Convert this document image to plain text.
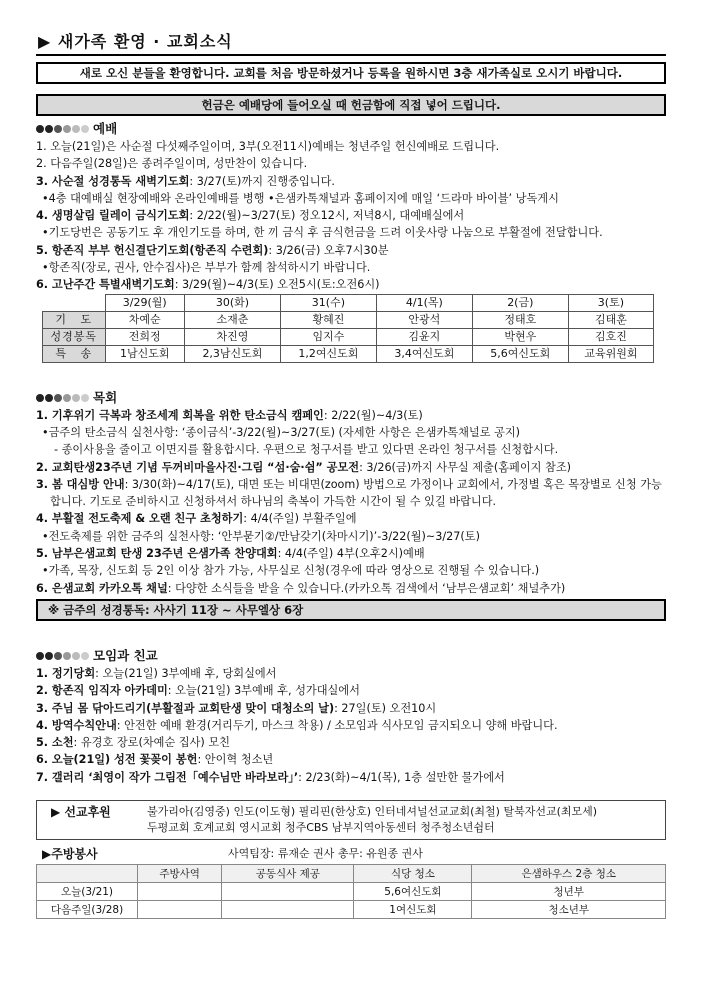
▶ 새가족 환영 · 교회소식
새로 오신 분들을 환영합니다. 교회를 처음 방문하셨거나 등록을 원하시면 3층 새가족실로 오시기 바랍니다.
헌금은 예배당에 들어오실 때 헌금함에 직접 넣어 드립니다.
예배
1. 오늘(21일)은 사순절 다섯째주일이며, 3부(오전11시)예배는 청년주일 헌신예배로 드립니다.
2. 다음주일(28일)은 종려주일이며, 성만찬이 있습니다.
3. 사순절 성경통독 새벽기도회: 3/27(토)까지 진행중입니다.
•4층 대예배실 현장예배와 온라인예배를 병행 •은샘카톡채널과 홈페이지에 매일 ‘드라마 바이블’ 낭독게시
4. 생명살림 릴레이 금식기도회: 2/22(월)~3/27(토) 정오12시, 저녁8시, 대예배실에서
•기도당번은 공동기도 후 개인기도를 하며, 한 끼 금식 후 금식헌금을 드려 이웃사랑 나눔으로 부활절에 전달합니다.
5. 항존직 부부 헌신결단기도회(항존직 수련회): 3/26(금) 오후7시30분
•항존직(장로, 권사, 안수집사)은 부부가 함께 참석하시기 바랍니다.
6. 고난주간 특별새벽기도회: 3/29(월)~4/3(토) 오전5시(토:오전6시)
	3/29(월)	30(화)	31(수)	4/1(목)	2(금)	3(토)
기   도	차예순	소재춘	황혜진	안광석	정태호	김태훈
성경봉독	전희정	차진영	임지수	김윤지	박현우	김호진
특   송	1남신도회	2,3남신도회	1,2여신도회	3,4여신도회	5,6여신도회	교육위원회
목회
1. 기후위기 극복과 창조세계 회복을 위한 탄소금식 캠페인: 2/22(월)~4/3(토)
•금주의 탄소금식 실천사항: ‘종이금식’-3/22(월)~3/27(토) (자세한 사항은 은샘카톡채널로 공지)
- 종이사용을 줄이고 이면지를 활용합시다. 우편으로 청구서를 받고 있다면 온라인 청구서를 신청합시다.
2. 교회탄생23주년 기념 두꺼비마을사진·그림 “섬·숨·쉼” 공모전: 3/26(금)까지 사무실 제출(홈페이지 참조)
3. 봄 대심방 안내: 3/30(화)~4/17(토), 대면 또는 비대면(zoom) 방법으로 가정이나 교회에서, 가정별 혹은 목장별로 신청 가능합니다. 기도로 준비하시고 신청하셔서 하나님의 축복이 가득한 시간이 될 수 있길 바랍니다.
4. 부활절 전도축제 & 오랜 친구 초청하기: 4/4(주일) 부활주일에
•전도축제를 위한 금주의 실천사항: ‘안부묻기②/만남갖기(차마시기)’-3/22(월)~3/27(토)
5. 남부은샘교회 탄생 23주년 은샘가족 찬양대회: 4/4(주일) 4부(오후2시)예배
•가족, 목장, 신도회 등 2인 이상 참가 가능, 사무실로 신청(경우에 따라 영상으로 진행될 수 있습니다.)
6. 은샘교회 카카오톡 채널: 다양한 소식들을 받을 수 있습니다.(카카오톡 검색에서 ‘남부은샘교회’ 채널추가)
※ 금주의 성경통독: 사사기 11장 ~ 사무엘상 6장
모임과 친교
1. 정기당회: 오늘(21일) 3부예배 후, 당회실에서
2. 항존직 임직자 아카데미: 오늘(21일) 3부예배 후, 성가대실에서
3. 주님 몸 닦아드리기(부활절과 교회탄생 맞이 대청소의 날): 27일(토) 오전10시
4. 방역수칙안내: 안전한 예배 환경(거리두기, 마스크 착용) / 소모임과 식사모임 금지되오니 양해 바랍니다.
5. 소천: 유경호 장로(차예순 집사) 모친
6. 오늘(21일) 성전 꽃꽂이 봉헌: 안이혁 청소년
7. 갤러리 ‘최영이 작가 그림전「예수님만 바라보라」’: 2/23(화)~4/1(목), 1층 설만한 물가에서
▶ 선교후원	불가리아(김영중) 인도(이도형) 필리핀(한상호) 인터네셔널선교교회(최철) 탈북자선교(최모세)
두평교회 호계교회 영시교회 청주CBS 남부지역아동센터 청주청소년쉼터
▶주방봉사	사역팀장: 류재순 권사 총무: 유원종 권사
	주방사역	공동식사 제공	식당 청소	은샘하우스 2층 청소
오늘(3/21)			5,6여신도회	청년부
다음주일(3/28)			1여신도회	청소년부
